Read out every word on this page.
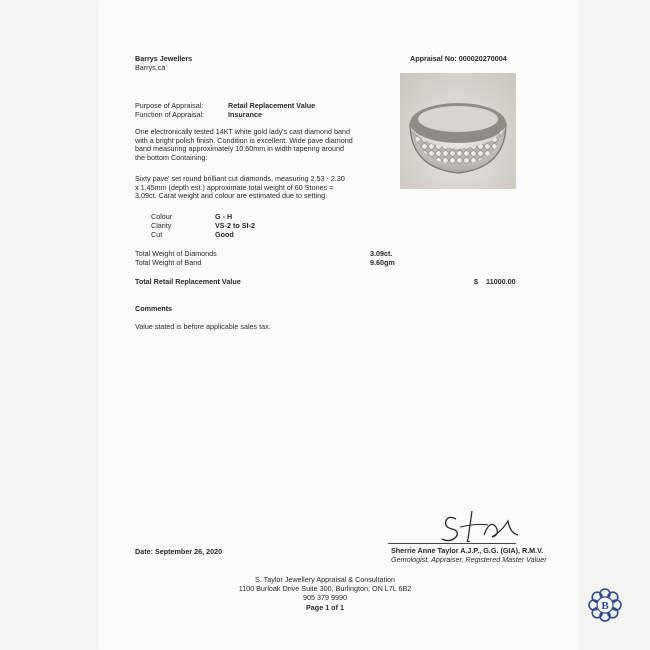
Barrys Jewellers
Barrys.ca
Appraisal No: 000020270004
Purpose of Appraisal:	Retail Replacement Value
Function of Appraisal:	Insurance
One electronically tested 14KT white gold lady's cast diamond band
with a bright polish finish. Condition is excellent. Wide pave diamond
band measuring approximately 10.60mm in width tapering around
the bottom Containing:
Sixty pave' set round brilliant cut diamonds, measuring 2.53 - 2.30
x 1.45mm (depth est.) approximate total weight of 60 Stones =
3.09ct. Carat weight and colour are estimated due to setting.
Colour	G - H
Clarity	VS-2 to SI-2
Cut	Good
Total Weight of Diamonds	3.09ct.
Total Weight of Band	9.60gm
Total Retail Replacement Value	$ 11000.00
Comments
Value stated is before applicable sales tax.
Date: September 26, 2020	Sherrie Anne Taylor A.J.P., G.G. (GIA), R.M.V.
Gemologist, Appraiser, Registered Master Valuer
S. Taylor Jewellery Appraisal & Consultation
1100 Burloak Drive Suite 300, Burlington, ON L7L 6B2
905 379 9990
Page 1 of 1	B
